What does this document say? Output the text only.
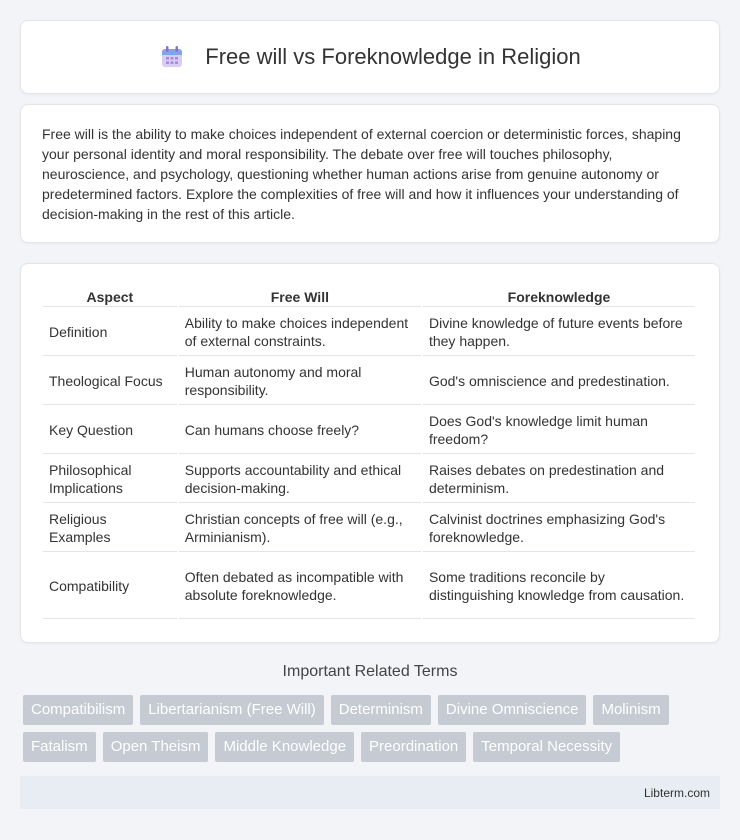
Free will vs Foreknowledge in Religion

Free will is the ability to make choices independent of external coercion or deterministic forces, shaping your personal identity and moral responsibility. The debate over free will touches philosophy, neuroscience, and psychology, questioning whether human actions arise from genuine autonomy or predetermined factors. Explore the complexities of free will and how it influences your understanding of decision-making in the rest of this article.

Aspect	Free Will	Foreknowledge
Definition	Ability to make choices independent of external constraints.	Divine knowledge of future events before they happen.
Theological Focus	Human autonomy and moral responsibility.	God's omniscience and predestination.
Key Question	Can humans choose freely?	Does God's knowledge limit human freedom?
Philosophical Implications	Supports accountability and ethical decision-making.	Raises debates on predestination and determinism.
Religious Examples	Christian concepts of free will (e.g., Arminianism).	Calvinist doctrines emphasizing God's foreknowledge.
Compatibility	Often debated as incompatible with absolute foreknowledge.	Some traditions reconcile by distinguishing knowledge from causation.
Important Related Terms
Compatibilism	Libertarianism (Free Will)	Determinism	Divine Omniscience	Molinism
Fatalism	Open Theism	Middle Knowledge	Preordination	Temporal Necessity
Libterm.com
